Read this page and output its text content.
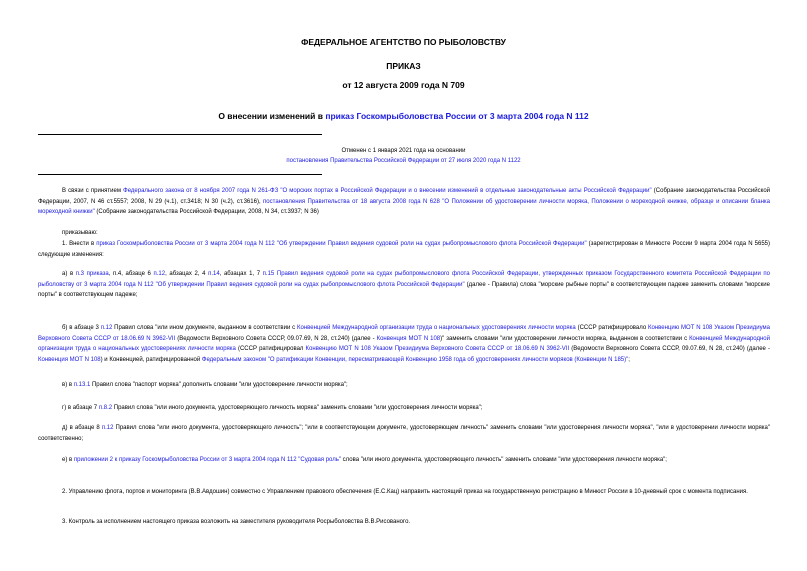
ФЕДЕРАЛЬНОЕ АГЕНТСТВО ПО РЫБОЛОВСТВУ
ПРИКАЗ
от 12 августа 2009 года N 709
О внесении изменений в приказ Госкомрыболовства России от 3 марта 2004 года N 112
Отменен с 1 января 2021 года на основании
постановления Правительства Российской Федерации от 27 июля 2020 года N 1122
В связи с принятием Федерального закона от 8 ноября 2007 года N 261-ФЗ "О морских портах в Российской Федерации и о внесении изменений в отдельные законодательные акты Российской Федерации" (Собрание законодательства Российской Федерации, 2007, N 46 ст.5557; 2008, N 29 (ч.1), ст.3418; N 30 (ч.2), ст.3616), постановления Правительства от 18 августа 2008 года N 628 "О Положении об удостоверении личности моряка, Положении о мореходной книжке, образце и описании бланка мореходной книжки" (Собрание законодательства Российской Федерации, 2008, N 34, ст.3937; N 36)
приказываю:
1. Внести в приказ Госкомрыболовства России от 3 марта 2004 года N 112 "Об утверждении Правил ведения судовой роли на судах рыбопромыслового флота Российской Федерации" (зарегистрирован в Минюсте России 9 марта 2004 года N 5655) следующие изменения:
а) в п.3 приказа, п.4, абзаце 6 п.12, абзацах 2, 4 п.14, абзацах 1, 7 п.15 Правил ведения судовой роли на судах рыбопромыслового флота Российской Федерации, утвержденных приказом Государственного комитета Российской Федерации по рыболовству от 3 марта 2004 года N 112 "Об утверждении Правил ведения судовой роли на судах рыбопромыслового флота Российской Федерации" (далее - Правила) слова "морские рыбные порты" в соответствующем падеже заменить словами "морские порты" в соответствующем падеже;
б) в абзаце 3 п.12 Правил слова "или ином документе, выданном в соответствии с Конвенцией Международной организации труда о национальных удостоверениях личности моряка (СССР ратифицировало Конвенцию МОТ N 108 Указом Президиума Верховного Совета СССР от 18.06.69 N 3962-VII (Ведомости Верховного Совета СССР, 09.07.69, N 28, ст.240) (далее - Конвенция МОТ N 108)" заменить словами "или удостоверении личности моряка, выданном в соответствии с Конвенцией Международной организации труда о национальных удостоверениях личности моряка (СССР ратифицировал Конвенцию МОТ N 108 Указом Президиума Верховного Совета СССР от 18.06.69 N 3962-VII (Ведомости Верховного Совета СССР, 09.07.69, N 28, ст.240) (далее - Конвенция МОТ N 108) и Конвенцией, ратифицированной Федеральным законом "О ратификации Конвенции, пересматривающей Конвенцию 1958 года об удостоверениях личности моряков (Конвенции N 185)";
в) в п.13.1 Правил слова "паспорт моряка" дополнить словами "или удостоверение личности моряка";
г) в абзаце 7 п.8.2 Правил слова "или иного документа, удостоверяющего личность моряка" заменить словами "или удостоверения личности моряка";
д) в абзаце 8 п.12 Правил слова "или иного документа, удостоверяющего личность"; "или в соответствующем документе, удостоверяющем личность" заменить словами "или удостоверения личности моряка", "или в удостоверении личности моряка" соответственно;
е) в приложении 2 к приказу Госкомрыболовства России от 3 марта 2004 года N 112 "Судовая роль" слова "или иного документа, удостоверяющего личность" заменить словами "или удостоверения личности моряка";
2. Управлению флота, портов и мониторинга (В.В.Авдошин) совместно с Управлением правового обеспечения (Е.С.Кац) направить настоящий приказ на государственную регистрацию в Минюст России в 10-дневный срок с момента подписания.
3. Контроль за исполнением настоящего приказа возложить на заместителя руководителя Росрыболовства В.В.Рисованого.
